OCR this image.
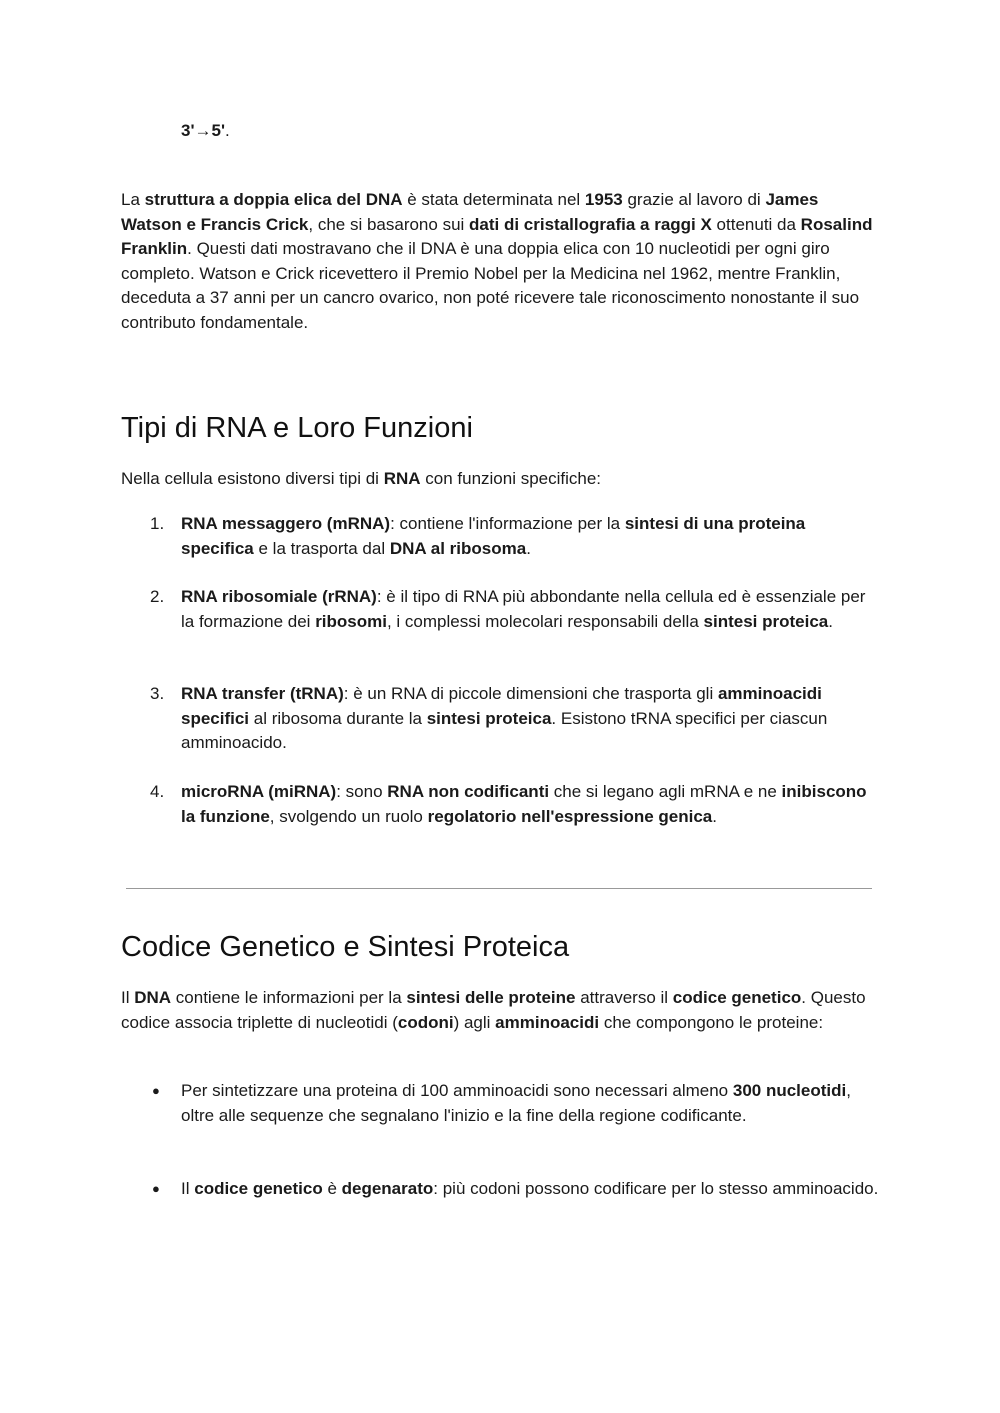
3'→5'.

La struttura a doppia elica del DNA è stata determinata nel 1953 grazie al lavoro di James Watson e Francis Crick, che si basarono sui dati di cristallografia a raggi X ottenuti da Rosalind Franklin. Questi dati mostravano che il DNA è una doppia elica con 10 nucleotidi per ogni giro completo. Watson e Crick ricevettero il Premio Nobel per la Medicina nel 1962, mentre Franklin, deceduta a 37 anni per un cancro ovarico, non poté ricevere tale riconoscimento nonostante il suo contributo fondamentale.

Tipi di RNA e Loro Funzioni

Nella cellula esistono diversi tipi di RNA con funzioni specifiche:

1. RNA messaggero (mRNA): contiene l'informazione per la sintesi di una proteina specifica e la trasporta dal DNA al ribosoma.

2. RNA ribosomiale (rRNA): è il tipo di RNA più abbondante nella cellula ed è essenziale per la formazione dei ribosomi, i complessi molecolari responsabili della sintesi proteica.

3. RNA transfer (tRNA): è un RNA di piccole dimensioni che trasporta gli amminoacidi specifici al ribosoma durante la sintesi proteica. Esistono tRNA specifici per ciascun amminoacido.

4. microRNA (miRNA): sono RNA non codificanti che si legano agli mRNA e ne inibiscono la funzione, svolgendo un ruolo regolatorio nell'espressione genica.

Codice Genetico e Sintesi Proteica

Il DNA contiene le informazioni per la sintesi delle proteine attraverso il codice genetico. Questo codice associa triplette di nucleotidi (codoni) agli amminoacidi che compongono le proteine:

●	Per sintetizzare una proteina di 100 amminoacidi sono necessari almeno 300 nucleotidi, oltre alle sequenze che segnalano l'inizio e la fine della regione codificante.

●	Il codice genetico è degenarato: più codoni possono codificare per lo stesso amminoacido.
